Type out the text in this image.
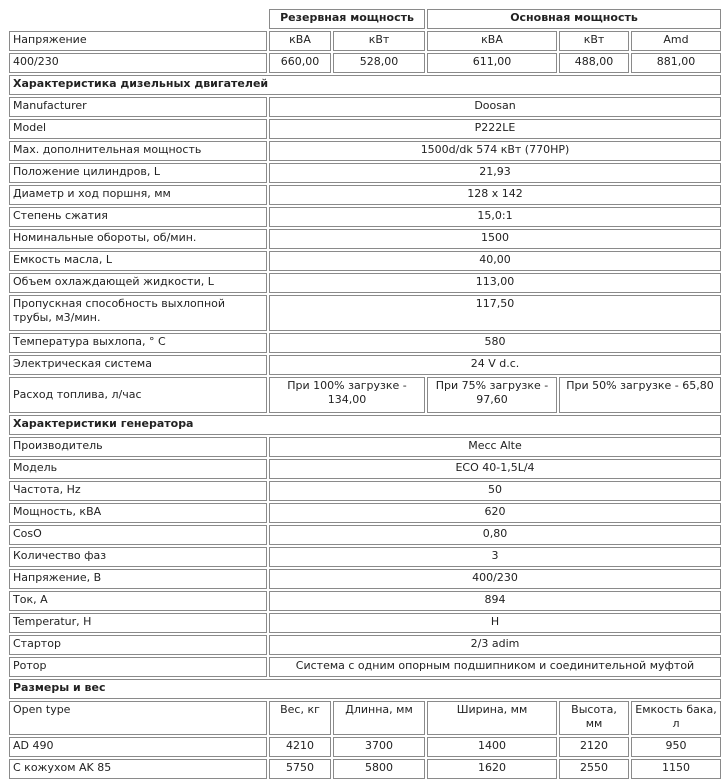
	Резервная мощность		Основная мощность		
Напряжение	кВА	кВт	кВА	кВт	Amd
400/230	660,00	528,00	611,00	488,00	881,00
Характеристика дизельных двигателей					
Manufacturer	Doosan				
Model	P222LE				
Max. дополнительная мощность	1500d/dk 574 кВт (770HP)				
Положение цилиндров, L	21,93				
Диаметр и ход поршня, мм	128 x 142				
Степень сжатия	15,0:1				
Номинальные обороты, об/мин.	1500				
Емкость масла, L	40,00				
Объем охлаждающей жидкости, L	113,00				
Пропускная способность выхлопной трубы, м3/мин.	117,50				
Температура выхлопа, ° C	580				
Электрическая система	24 V d.c.				
Расход топлива, л/час	При 100% загрузке - 134,00		При 75% загрузке - 97,60	При 50% загрузке - 65,80	
Характеристики генератора					
Производитель	Mecc Alte				
Модель	ECO 40-1,5L/4				
Частота, Hz	50				
Мощность, кВА	620				
CosO	0,80				
Количество фаз	3				
Напряжение, В	400/230				
Ток, А	894				
Temperatur, H	H				
Стартор	2/3 adim				
Ротор	Система с одним опорным подшипником и соединительной муфтой				
Размеры и вес					
Open type	Вес, кг	Длинна, мм	Ширина, мм	Высота, мм	Емкость бака, л
AD 490	4210	3700	1400	2120	950
С кожухом AK 85	5750	5800	1620	2550	1150
